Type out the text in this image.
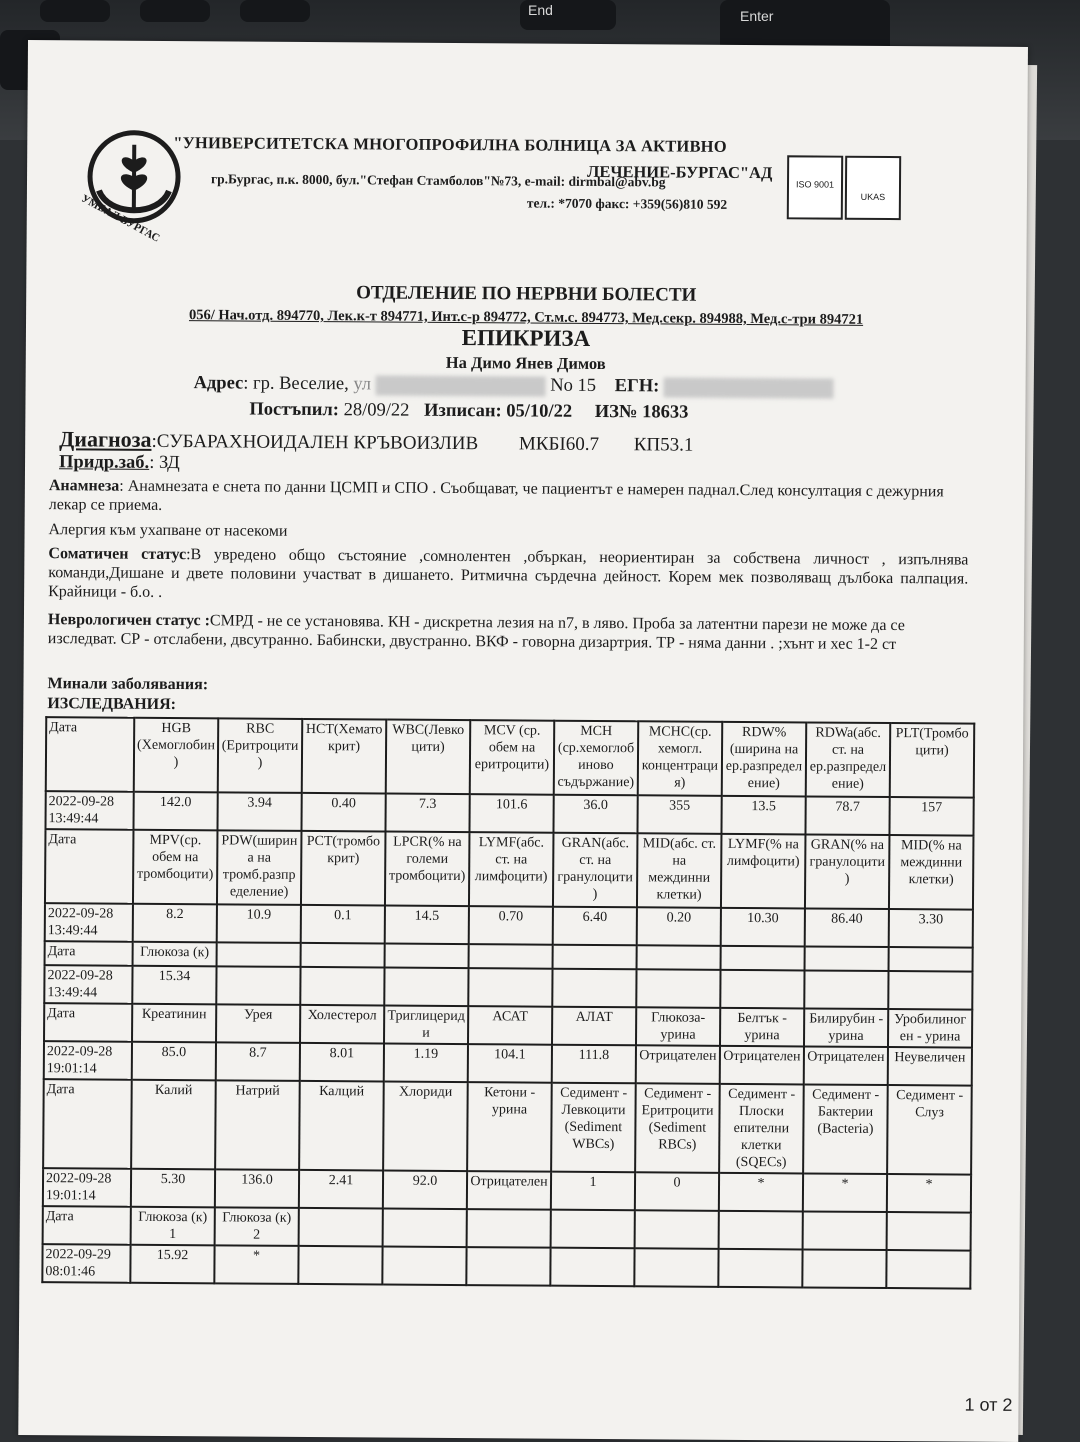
End	Enter
УМБАЛ БУРГАС
"УНИВЕРСИТЕТСКА МНОГОПРОФИЛНА БОЛНИЦА ЗА АКТИВНО
ЛЕЧЕНИЕ-БУРГАС"АД
гр.Бургас, п.к. 8000, бул."Стефан Стамболов"№73, e-mail: dirmbal@abv.bg
тел.: *7070 факс: +359(56)810 592
ISO 9001
UKAS
ОТДЕЛЕНИЕ ПО НЕРВНИ БОЛЕСТИ
056/ Нач.отд. 894770, Лек.к-т 894771, Инт.с-р 894772, Ст.м.с. 894773, Мед.секр. 894988, Мед.с-три 894721
ЕПИКРИЗА
На Димо Янев Димов
Адрес: гр. Веселие, ул	No 15 ЕГН:
Постъпил: 28/09/22 Изписан: 05/10/22 ИЗ№ 18633
Диагноза:СУБАРАХНОИДАЛЕН КРЪВОИЗЛИВ МКБI60.7 КП53.1
Придр.заб.: ЗД
Анамнеза: Анамнезата е снета по данни ЦСМП и СПО . Съобщават, че пациентът е намерен паднал.След консултация с дежурния лекар се приема.
Алергия към ухапване от насекоми
Соматичен статус:В увредено общо състояние ,сомнолентен ,объркан, неориентиран за собствена личност , изпълнява команди,Дишане и двете половини участват в дишането. Ритмична сърдечна дейност. Корем мек позволяващ дълбока палпация. Крайници - б.о. .
Неврологичен статус :СМРД - не се установява. КН - дискретна лезия на n7, в ляво. Проба за латентни парези не може да се изследват. СР - отслабени, двсутранно. Бабински, двустранно. ВКФ - говорна дизартрия. ТР - няма данни . ;хънт и хес 1-2 ст
Минали заболявания:
ИЗСЛЕДВАНИЯ:
Дата	HGB (Хемоглобин)	RBC (Еритроцити)	HCT(Хематокрит)	WBC(Левкоцити)	MCV (ср. обем на еритроцити)	MCH (ср.хемоглобиново съдържание)	MCHC(ср. хемогл. концентрация)	RDW% (ширина на ер.разпределение)	RDWa(абс. ст. на ер.разпределение)	PLT(Тромбоцити)
2022-09-28 13:49:44	142.0	3.94	0.40	7.3	101.6	36.0	355	13.5	78.7	157
Дата	MPV(ср. обем на тромбоцити)	PDW(ширина на тромб.разпределение)	PCT(тромбокрит)	LPCR(% на големи тромбоцити)	LYMF(абс. ст. на лимфоцити)	GRAN(абс. ст. на гранулоцити)	MID(абс. ст. на междинни клетки)	LYMF(% на лимфоцити)	GRAN(% на гранулоцити)	MID(% на междинни клетки)
2022-09-28 13:49:44	8.2	10.9	0.1	14.5	0.70	6.40	0.20	10.30	86.40	3.30
Дата	Глюкоза (к)									
2022-09-28 13:49:44	15.34									
Дата	Креатинин	Урея	Холестерол	Триглицериди	АСАТ	АЛАТ	Глюкоза- урина	Белтък - урина	Билирубин - урина	Уробилиноген - урина
2022-09-28 19:01:14	85.0	8.7	8.01	1.19	104.1	111.8	Отрицателен	Отрицателен	Отрицателен	Неувеличен
Дата	Калий	Натрий	Калций	Хлориди	Кетони - урина	Седимент - Левкоцити (Sediment WBCs)	Седимент - Еритроцити (Sediment RBCs)	Седимент - Плоски епителни клетки (SQECs)	Седимент - Бактерии (Bacteria)	Седимент - Слуз
2022-09-28 19:01:14	5.30	136.0	2.41	92.0	Отрицателен	1	0	*	*	*
Дата	Глюкоза (к) 1	Глюкоза (к) 2								
2022-09-29 08:01:46	15.92	*								
1 от 2
